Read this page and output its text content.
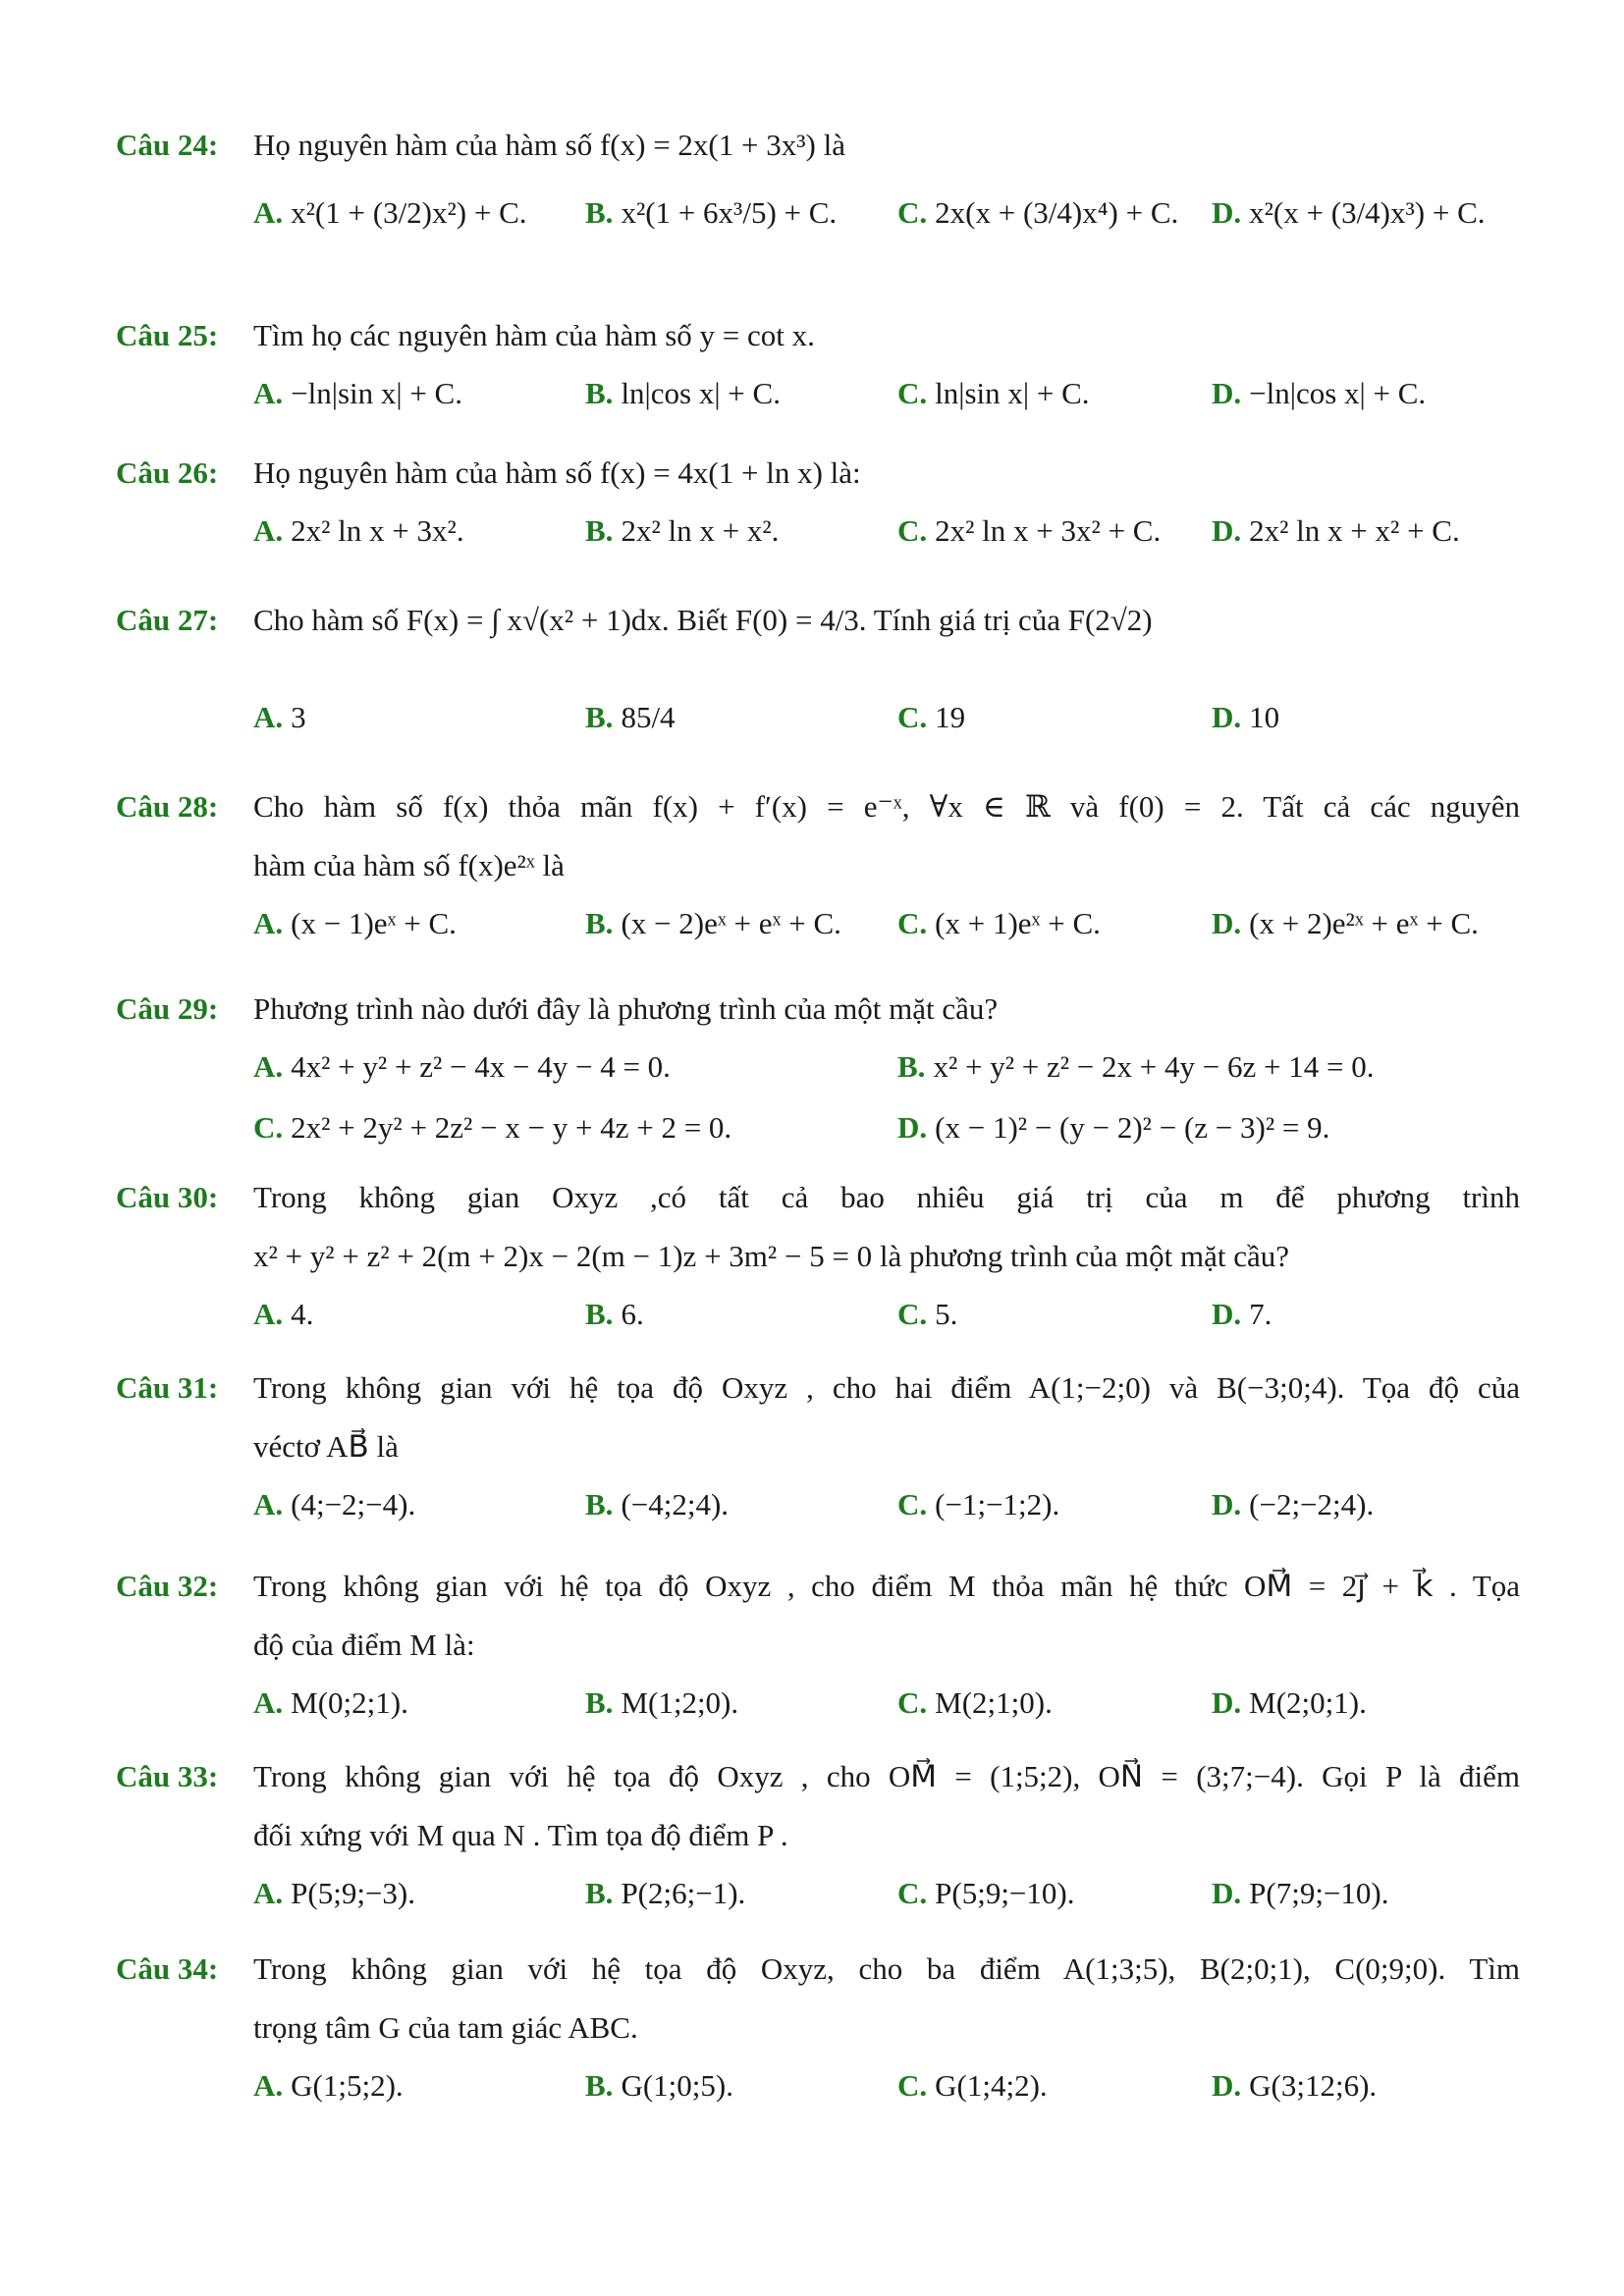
Câu 24:	Họ nguyên hàm của hàm số f(x) = 2x(1 + 3x³) là
A. x²(1 + (3/2)x²) + C. B. x²(1 + 6x³/5) + C. C. 2x(x + (3/4)x⁴) + C. D. x²(x + (3/4)x³) + C.
Câu 25:	Tìm họ các nguyên hàm của hàm số y = cot x.
A. −ln|sin x| + C.	B. ln|cos x| + C.	C. ln|sin x| + C.	D. −ln|cos x| + C.
Câu 26:	Họ nguyên hàm của hàm số f(x) = 4x(1 + ln x) là:
A. 2x² ln x + 3x².	B. 2x² ln x + x².	C. 2x² ln x + 3x² + C. D. 2x² ln x + x² + C.
Câu 27:	Cho hàm số F(x) = ∫ x√(x² + 1)dx. Biết F(0) = 4/3. Tính giá trị của F(2√2)
A. 3	B. 85/4	C. 19	D. 10
Câu 28:	Cho hàm số f(x) thỏa mãn f(x) + f′(x) = e⁻ˣ, ∀x ∈ ℝ và f(0) = 2. Tất cả các nguyên
hàm của hàm số f(x)e²ˣ là
A. (x − 1)eˣ + C.	B. (x − 2)eˣ + eˣ + C. C. (x + 1)eˣ + C.	D. (x + 2)e²ˣ + eˣ + C.
Câu 29:	Phương trình nào dưới đây là phương trình của một mặt cầu?
A. 4x² + y² + z² − 4x − 4y − 4 = 0.	B. x² + y² + z² − 2x + 4y − 6z + 14 = 0.
C. 2x² + 2y² + 2z² − x − y + 4z + 2 = 0.	D. (x − 1)² − (y − 2)² − (z − 3)² = 9.
Câu 30:	Trong không gian Oxyz ,có tất cả bao nhiêu giá trị của m để phương trình
x² + y² + z² + 2(m + 2)x − 2(m − 1)z + 3m² − 5 = 0 là phương trình của một mặt cầu?
A. 4.	B. 6.	C. 5.	D. 7.
Câu 31:	Trong không gian với hệ tọa độ Oxyz , cho hai điểm A(1;−2;0) và B(−3;0;4). Tọa độ của
véctơ AB⃗ là
A. (4;−2;−4).	B. (−4;2;4).	C. (−1;−1;2).	D. (−2;−2;4).
Câu 32:	Trong không gian với hệ tọa độ Oxyz , cho điểm M thỏa mãn hệ thức OM⃗ = 2j⃗ + k⃗ . Tọa
độ của điểm M là:
A. M(0;2;1).	B. M(1;2;0).	C. M(2;1;0).	D. M(2;0;1).
Câu 33:	Trong không gian với hệ tọa độ Oxyz , cho OM⃗ = (1;5;2), ON⃗ = (3;7;−4). Gọi P là điểm
đối xứng với M qua N . Tìm tọa độ điểm P .
A. P(5;9;−3).	B. P(2;6;−1).	C. P(5;9;−10).	D. P(7;9;−10).
Câu 34:	Trong không gian với hệ tọa độ Oxyz, cho ba điểm A(1;3;5), B(2;0;1), C(0;9;0). Tìm
trọng tâm G của tam giác ABC.
A. G(1;5;2).	B. G(1;0;5).	C. G(1;4;2).	D. G(3;12;6).
